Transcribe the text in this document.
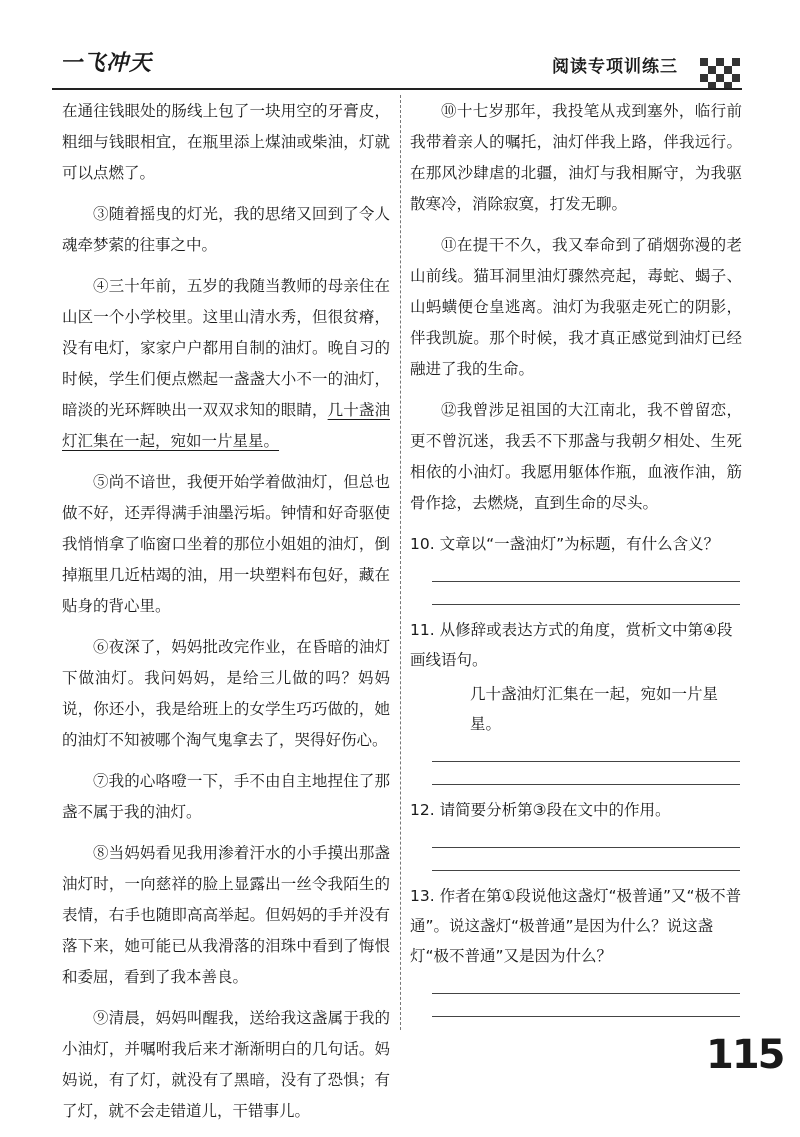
一飞冲天	阅读专项训练三

在通往钱眼处的肠线上包了一块用空的牙膏皮，粗细与钱眼相宜，在瓶里添上煤油或柴油，灯就可以点燃了。

③随着摇曳的灯光，我的思绪又回到了令人魂牵梦萦的往事之中。

④三十年前，五岁的我随当教师的母亲住在山区一个小学校里。这里山清水秀，但很贫瘠，没有电灯，家家户户都用自制的油灯。晚自习的时候，学生们便点燃起一盏盏大小不一的油灯，暗淡的光环辉映出一双双求知的眼睛，几十盏油灯汇集在一起，宛如一片星星。

⑤尚不谙世，我便开始学着做油灯，但总也做不好，还弄得满手油墨污垢。钟情和好奇驱使我悄悄拿了临窗口坐着的那位小姐姐的油灯，倒掉瓶里几近枯竭的油，用一块塑料布包好，藏在贴身的背心里。

⑥夜深了，妈妈批改完作业，在昏暗的油灯下做油灯。我问妈妈，是给三儿做的吗？妈妈说，你还小，我是给班上的女学生巧巧做的，她的油灯不知被哪个淘气鬼拿去了，哭得好伤心。

⑦我的心咯噔一下，手不由自主地捏住了那盏不属于我的油灯。

⑧当妈妈看见我用渗着汗水的小手摸出那盏油灯时，一向慈祥的脸上显露出一丝令我陌生的表情，右手也随即高高举起。但妈妈的手并没有落下来，她可能已从我滑落的泪珠中看到了悔恨和委屈，看到了我本善良。

⑨清晨，妈妈叫醒我，送给我这盏属于我的小油灯，并嘱咐我后来才渐渐明白的几句话。妈妈说，有了灯，就没有了黑暗，没有了恐惧；有了灯，就不会走错道儿，干错事儿。

⑩十七岁那年，我投笔从戎到塞外，临行前我带着亲人的嘱托，油灯伴我上路，伴我远行。在那风沙肆虐的北疆，油灯与我相厮守，为我驱散寒冷，消除寂寞，打发无聊。

⑪在提干不久，我又奉命到了硝烟弥漫的老山前线。猫耳洞里油灯骤然亮起，毒蛇、蝎子、山蚂蟥便仓皇逃离。油灯为我驱走死亡的阴影，伴我凯旋。那个时候，我才真正感觉到油灯已经融进了我的生命。

⑫我曾涉足祖国的大江南北，我不曾留恋，更不曾沉迷，我丢不下那盏与我朝夕相处、生死相依的小油灯。我愿用躯体作瓶，血液作油，筋骨作捻，去燃烧，直到生命的尽头。

10. 文章以“一盏油灯”为标题，有什么含义？
11. 从修辞或表达方式的角度，赏析文中第④段画线语句。
几十盏油灯汇集在一起，宛如一片星星。
12. 请简要分析第③段在文中的作用。
13. 作者在第①段说他这盏灯“极普通”又“极不普通”。说这盏灯“极普通”是因为什么？说这盏灯“极不普通”又是因为什么？
115
